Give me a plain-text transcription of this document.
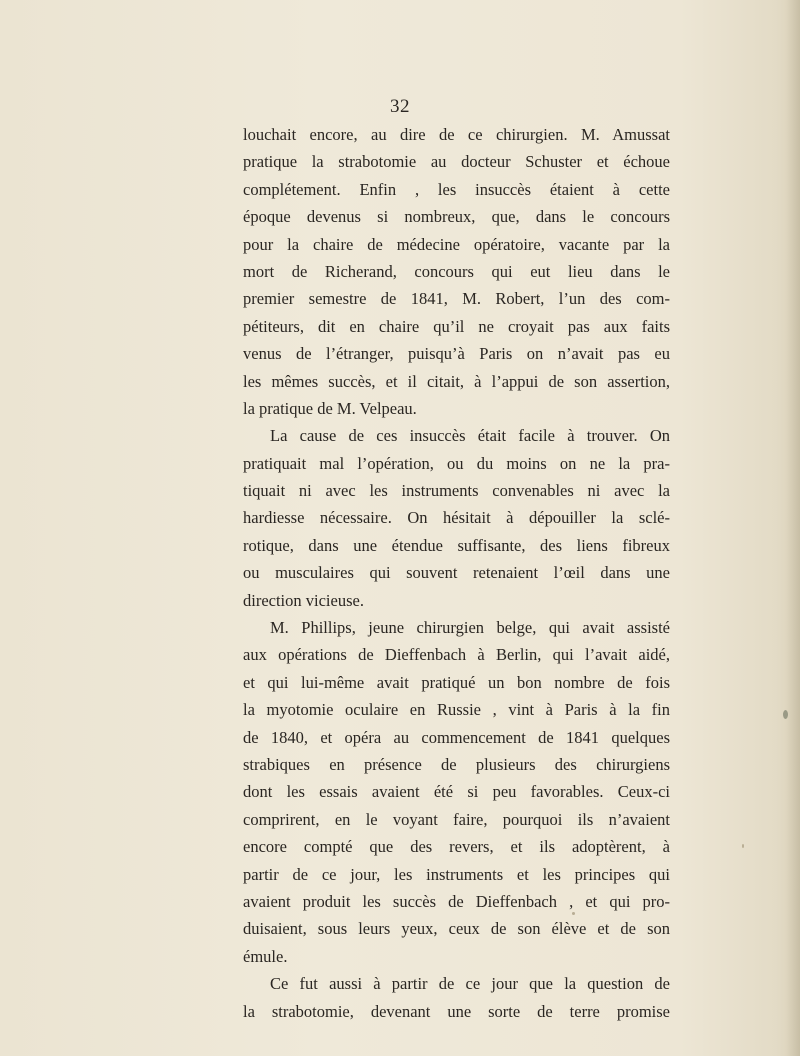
32
louchait encore, au dire de ce chirurgien. M. Amussat
pratique la strabotomie au docteur Schuster et échoue
complétement. Enfin , les insuccès étaient à cette
époque devenus si nombreux, que, dans le concours
pour la chaire de médecine opératoire, vacante par la
mort de Richerand, concours qui eut lieu dans le
premier semestre de 1841, M. Robert, l’un des com-
pétiteurs, dit en chaire qu’il ne croyait pas aux faits
venus de l’étranger, puisqu’à Paris on n’avait pas eu
les mêmes succès, et il citait, à l’appui de son assertion,
la pratique de M. Velpeau.
La cause de ces insuccès était facile à trouver. On
pratiquait mal l’opération, ou du moins on ne la pra-
tiquait ni avec les instruments convenables ni avec la
hardiesse nécessaire. On hésitait à dépouiller la sclé-
rotique, dans une étendue suffisante, des liens fibreux
ou musculaires qui souvent retenaient l’œil dans une
direction vicieuse.
M. Phillips, jeune chirurgien belge, qui avait assisté
aux opérations de Dieffenbach à Berlin, qui l’avait aidé,
et qui lui-même avait pratiqué un bon nombre de fois
la myotomie oculaire en Russie , vint à Paris à la fin
de 1840, et opéra au commencement de 1841 quelques
strabiques en présence de plusieurs des chirurgiens
dont les essais avaient été si peu favorables. Ceux-ci
comprirent, en le voyant faire, pourquoi ils n’avaient
encore compté que des revers, et ils adoptèrent, à
partir de ce jour, les instruments et les principes qui
avaient produit les succès de Dieffenbach , et qui pro-
duisaient, sous leurs yeux, ceux de son élève et de son
émule.
Ce fut aussi à partir de ce jour que la question de
la strabotomie, devenant une sorte de terre promise
